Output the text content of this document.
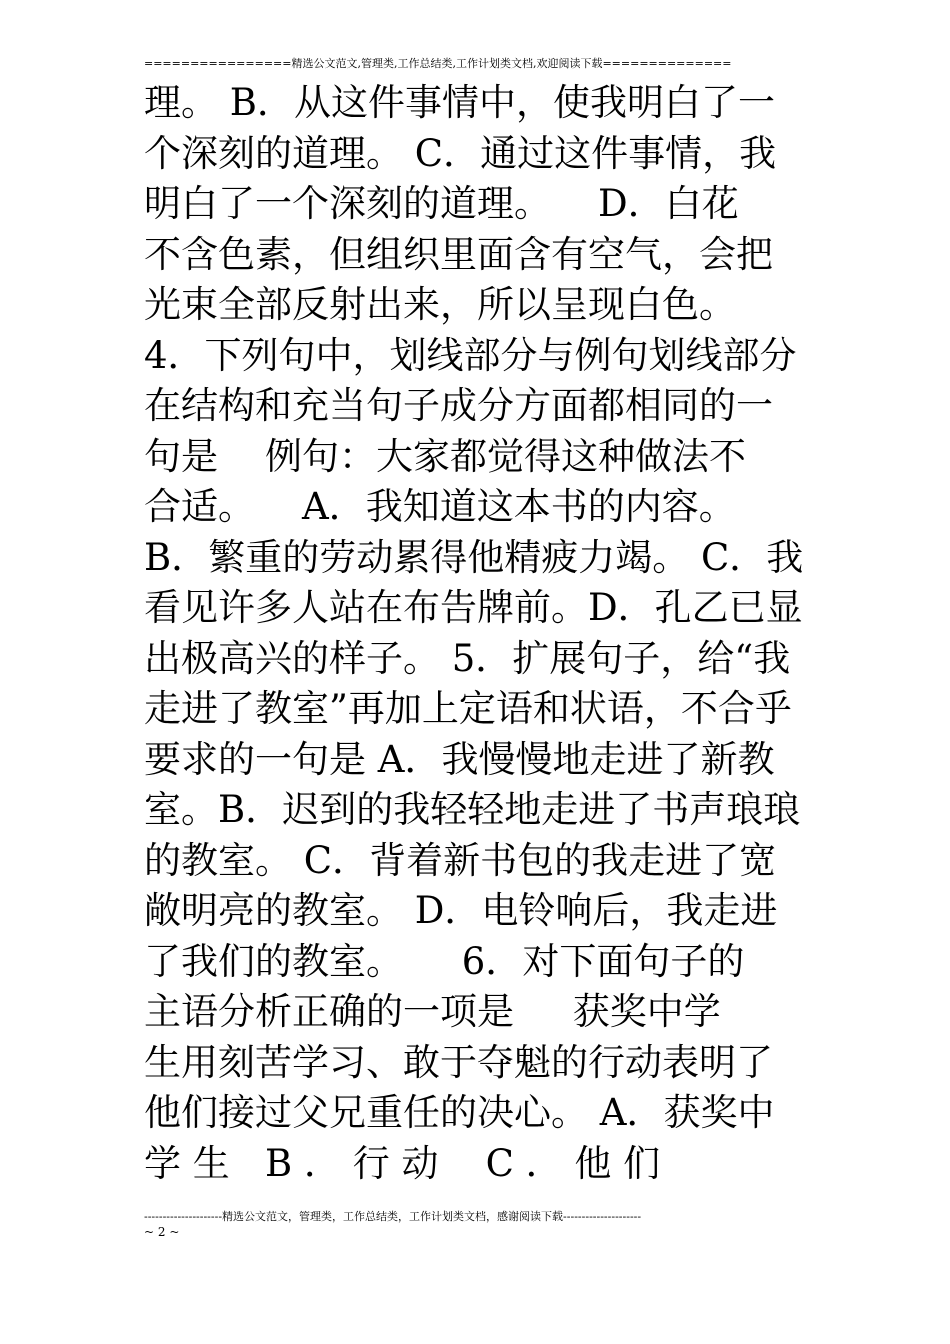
================精选公文范文,管理类,工作总结类,工作计划类文档,欢迎阅读下载==============
理。 B．从这件事情中，使我明白了一
个深刻的道理。 C．通过这件事情，我
明白了一个深刻的道理。    D．白花
不含色素，但组织里面含有空气，会把
光束全部反射出来，所以呈现白色。
4．下列句中，划线部分与例句划线部分
在结构和充当句子成分方面都相同的一
句是    例句：大家都觉得这种做法不
合适。    A．我知道这本书的内容。
B．繁重的劳动累得他精疲力竭。 C．我
看见许多人站在布告牌前。D．孔乙已显
出极高兴的样子。 5．扩展句子，给“我
走进了教室”再加上定语和状语，不合乎
要求的一句是 A．我慢慢地走进了新教
室。B．迟到的我轻轻地走进了书声琅琅
的教室。 C．背着新书包的我走进了宽
敞明亮的教室。 D．电铃响后，我走进
了我们的教室。     6．对下面句子的
主语分析正确的一项是     获奖中学
生用刻苦学习、敢于夺魁的行动表明了
他们接过父兄重任的决心。 A．获奖中
学 生   B ． 行 动    C ． 他 们
---------------------精选公文范文，管理类，工作总结类，工作计划类文档，感谢阅读下载---------------------
~ 2 ~
